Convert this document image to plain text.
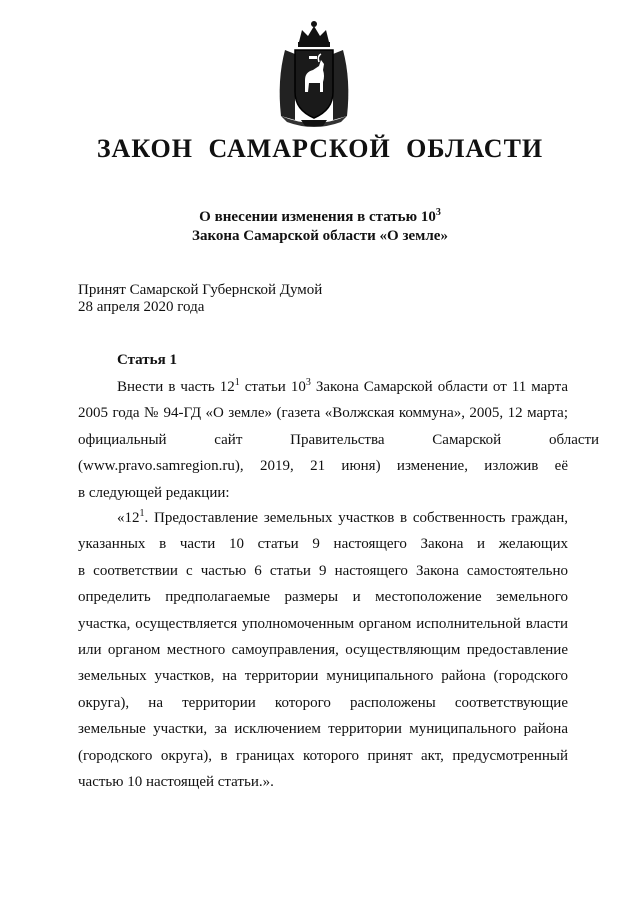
ЗАКОН САМАРСКОЙ ОБЛАСТИ
О внесении изменения в статью $10^3$
Закона Самарской области «О земле»
Принят Самарской Губернской Думой
28 апреля 2020 года
Статья 1
Внести в часть $12^1$ статьи $10^3$ Закона Самарской области от 11 марта
2005 года № 94-ГД «О земле» (газета «Волжская коммуна», 2005, 12 марта;
официальный сайт Правительства Самарской области
(www.pravo.samregion.ru), 2019, 21 июня) изменение, изложив её
в следующей редакции:
«$12^1$. Предоставление земельных участков в собственность граждан,
указанных в части 10 статьи 9 настоящего Закона и желающих
в соответствии с частью 6 статьи 9 настоящего Закона самостоятельно
определить предполагаемые размеры и местоположение земельного
участка, осуществляется уполномоченным органом исполнительной власти
или органом местного самоуправления, осуществляющим предоставление
земельных участков, на территории муниципального района (городского
округа), на территории которого расположены соответствующие
земельные участки, за исключением территории муниципального района
(городского округа), в границах которого принят акт, предусмотренный
частью 10 настоящей статьи.».
